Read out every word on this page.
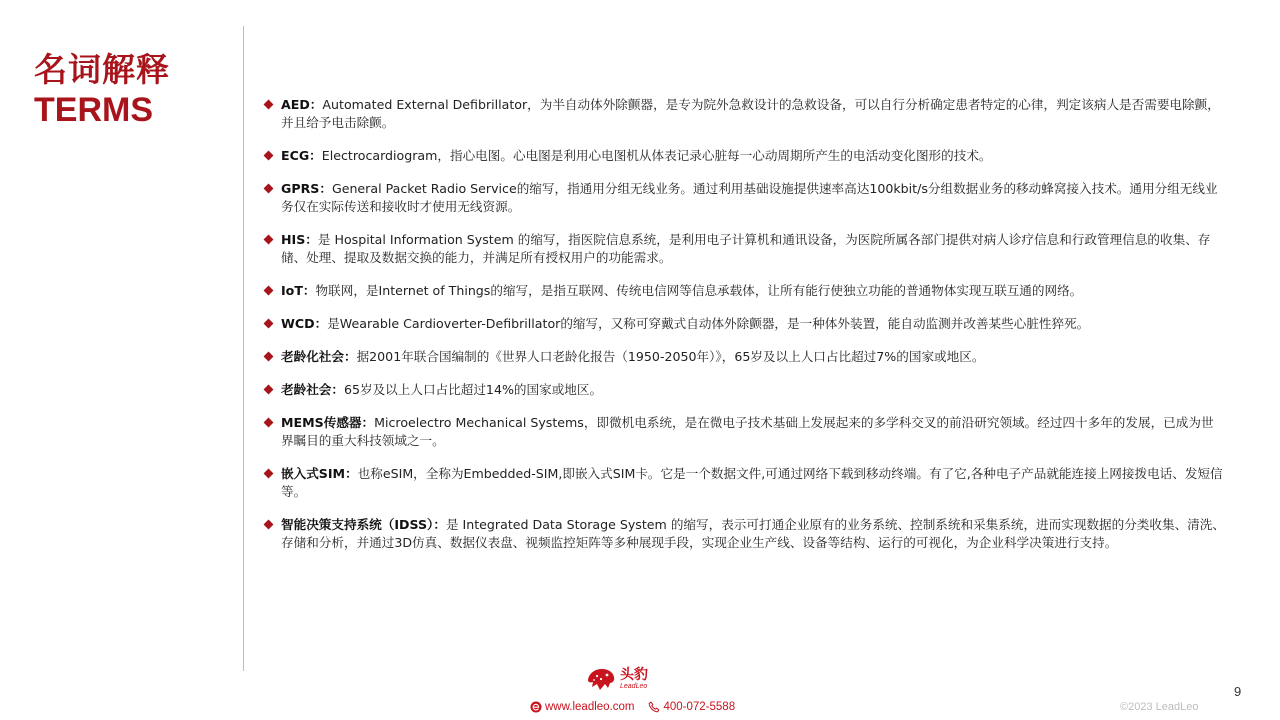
名词解释
TERMS	AED：Automated External Defibrillator，为半自动体外除颤器，是专为院外急救设计的急救设备，可以自行分析确定患者特定的心律，判定该病人是否需要电除颤，并且给予电击除颤。
ECG：Electrocardiogram，指心电图。心电图是利用心电图机从体表记录心脏每一心动周期所产生的电活动变化图形的技术。
GPRS：General Packet Radio Service的缩写，指通用分组无线业务。通过利用基础设施提供速率高达100kbit/s分组数据业务的移动蜂窝接入技术。通用分组无线业务仅在实际传送和接收时才使用无线资源。
HIS：是 Hospital Information System 的缩写，指医院信息系统，是利用电子计算机和通讯设备，为医院所属各部门提供对病人诊疗信息和行政管理信息的收集、存储、处理、提取及数据交换的能力，并满足所有授权用户的功能需求。
IoT：物联网，是Internet of Things的缩写，是指互联网、传统电信网等信息承载体，让所有能行使独立功能的普通物体实现互联互通的网络。
WCD：是Wearable Cardioverter-Defibrillator的缩写，又称可穿戴式自动体外除颤器，是一种体外装置，能自动监测并改善某些心脏性猝死。
老龄化社会：据2001年联合国编制的《世界人口老龄化报告（1950-2050年）》，65岁及以上人口占比超过7%的国家或地区。
老龄社会：65岁及以上人口占比超过14%的国家或地区。
MEMS传感器：Microelectro Mechanical Systems，即微机电系统，是在微电子技术基础上发展起来的多学科交叉的前沿研究领域。经过四十多年的发展，已成为世界瞩目的重大科技领域之一。
嵌入式SIM：也称eSIM，全称为Embedded-SIM,即嵌入式SIM卡。它是一个数据文件,可通过网络下载到移动终端。有了它,各种电子产品就能连接上网接拨电话、发短信等。
智能决策支持系统（IDSS）：是 Integrated Data Storage System 的缩写，表示可打通企业原有的业务系统、控制系统和采集系统，进而实现数据的分类收集、清洗、存储和分析，并通过3D仿真、数据仪表盘、视频监控矩阵等多种展现手段，实现企业生产线、设备等结构、运行的可视化，为企业科学决策进行支持。
头豹
LeadLeo
www.leadleo.com	400-072-5588
9
©2023 LeadLeo
